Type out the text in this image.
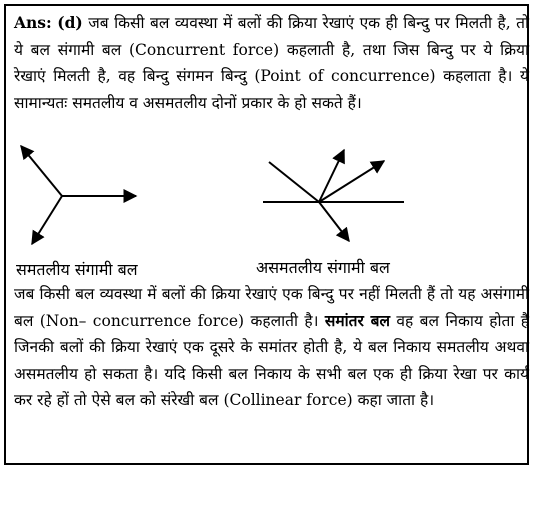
Ans: (d) जब किसी बल व्यवस्था में बलों की क्रिया रेखाएं एक ही बिन्दु पर मिलती है, तो ये बल संगामी बल (Concurrent force) कहलाती है, तथा जिस बिन्दु पर ये क्रिया रेखाएं मिलती है, वह बिन्दु संगमन बिन्दु (Point of concurrence) कहलाता है। ये सामान्यतः समतलीय व असमतलीय दोनों प्रकार के हो सकते हैं।

समतलीय संगामी बल	असमतलीय संगामी बल

जब किसी बल व्यवस्था में बलों की क्रिया रेखाएं एक बिन्दु पर नहीं मिलती हैं तो यह असंगामी बल (Non– concurrence force) कहलाती है। समांतर बल वह बल निकाय होता है जिनकी बलों की क्रिया रेखाएं एक दूसरे के समांतर होती है, ये बल निकाय समतलीय अथवा असमतलीय हो सकता है। यदि किसी बल निकाय के सभी बल एक ही क्रिया रेखा पर कार्य कर रहे हों तो ऐसे बल को संरेखी बल (Collinear force) कहा जाता है।
